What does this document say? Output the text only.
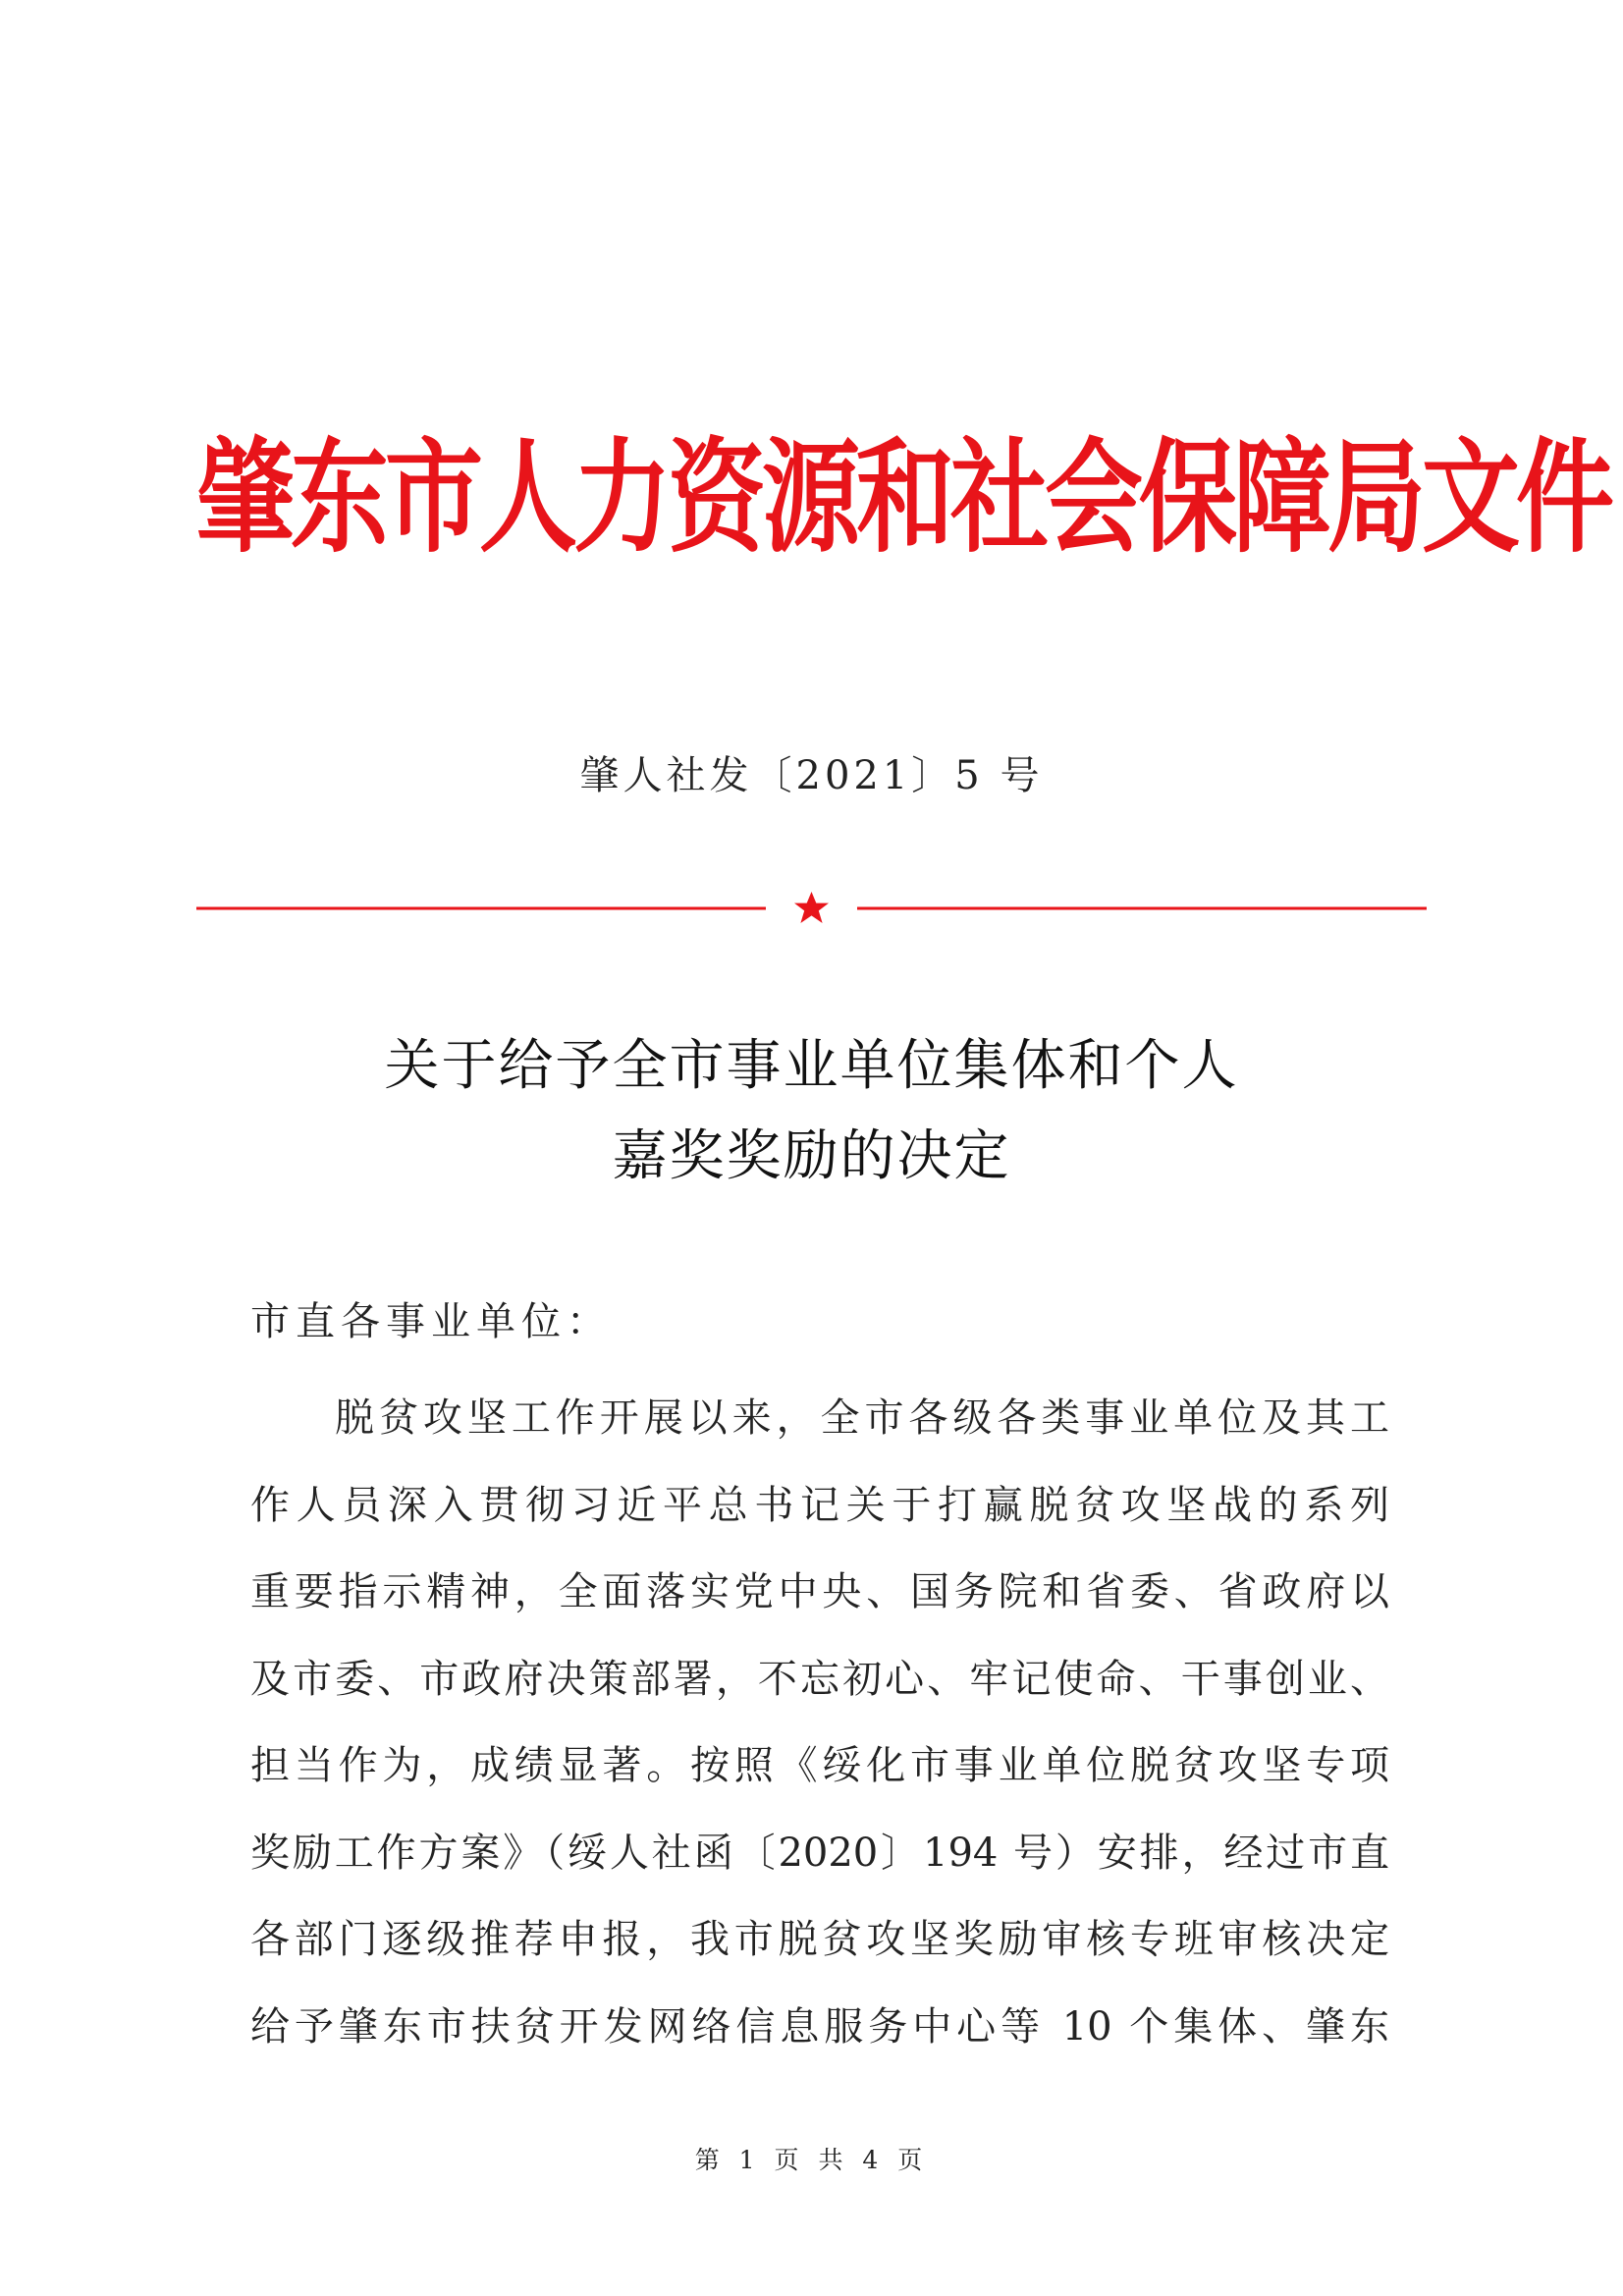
肇东市人力资源和社会保障局文件
肇人社发〔2021〕5 号
关于给予全市事业单位集体和个人
嘉奖奖励的决定
市直各事业单位：
脱贫攻坚工作开展以来，全市各级各类事业单位及其工
作人员深入贯彻习近平总书记关于打赢脱贫攻坚战的系列
重要指示精神，全面落实党中央、国务院和省委、省政府以
及市委、市政府决策部署，不忘初心、牢记使命、干事创业、
担当作为，成绩显著。按照《绥化市事业单位脱贫攻坚专项
奖励工作方案》（绥人社函〔2020〕194 号）安排，经过市直
各部门逐级推荐申报，我市脱贫攻坚奖励审核专班审核决定
给予肇东市扶贫开发网络信息服务中心等 10 个集体、肇东
第 1 页 共 4 页
